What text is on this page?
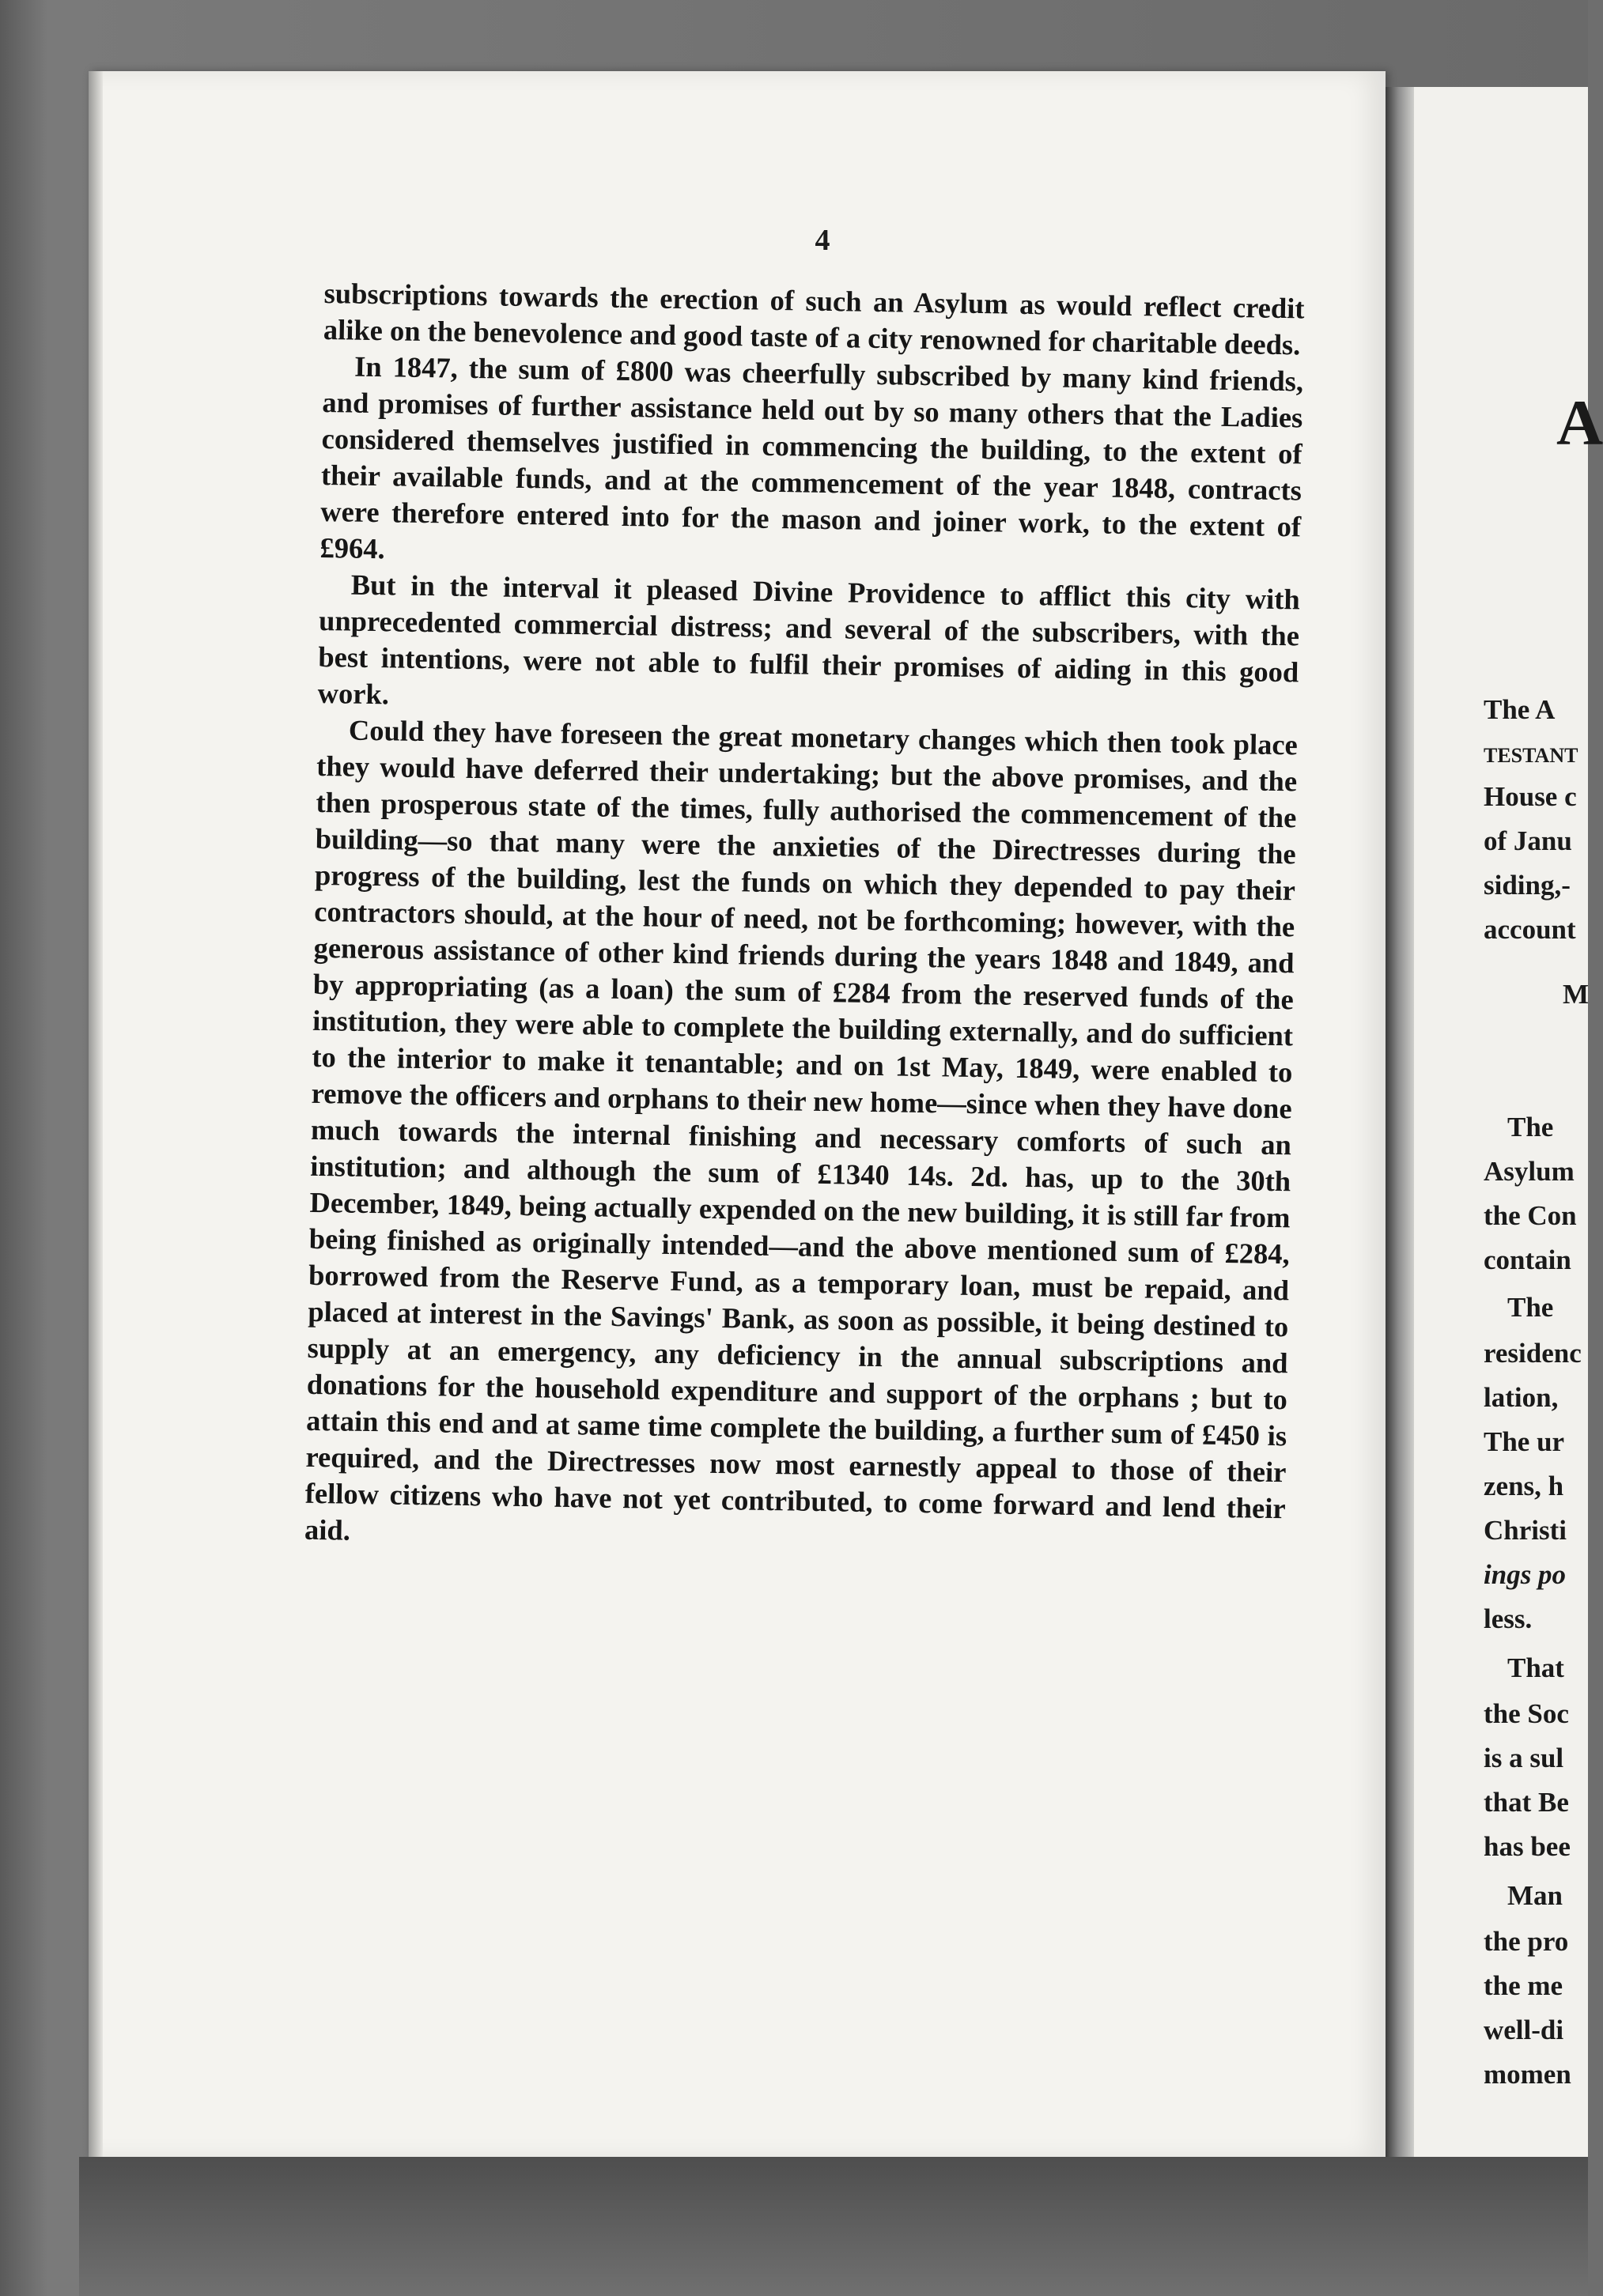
4

subscriptions towards the erection of such an Asylum as would reflect credit alike on the benevolence and good taste of a city renowned for charitable deeds.

In 1847, the sum of £800 was cheerfully subscribed by many kind friends, and promises of further assistance held out by so many others that the Ladies considered themselves justified in commencing the building, to the extent of their available funds, and at the commencement of the year 1848, contracts were therefore entered into for the mason and joiner work, to the extent of £964.

But in the interval it pleased Divine Providence to afflict this city with unprecedented commercial distress; and several of the subscribers, with the best intentions, were not able to fulfil their promises of aiding in this good work.

Could they have foreseen the great monetary changes which then took place they would have deferred their undertaking; but the above promises, and the then prosperous state of the times, fully authorised the commencement of the building—so that many were the anxieties of the Directresses during the progress of the building, lest the funds on which they depended to pay their contractors should, at the hour of need, not be forthcoming; however, with the generous assistance of other kind friends during the years 1848 and 1849, and by appropriating (as a loan) the sum of £284 from the reserved funds of the institution, they were able to complete the building externally, and do sufficient to the interior to make it tenantable; and on 1st May, 1849, were enabled to remove the officers and orphans to their new home—since when they have done much towards the internal finishing and necessary comforts of such an institution; and although the sum of £1340 14s. 2d. has, up to the 30th December, 1849, being actually expended on the new building, it is still far from being finished as originally intended—and the above mentioned sum of £284, borrowed from the Reserve Fund, as a temporary loan, must be repaid, and placed at interest in the Savings' Bank, as soon as possible, it being destined to supply at an emergency, any deficiency in the annual subscriptions and donations for the household expenditure and support of the orphans ; but to attain this end and at same time complete the building, a further sum of £450 is required, and the Directresses now most earnestly appeal to those of their fellow citizens who have not yet contributed, to come forward and lend their aid.

A
The A
TESTANT
House c
of Janu
siding,-
account
M
The
Asylum
the Con
contain
The
residenc
lation,
The ur
zens, h
Christi
ings po
less.
That
the Soc
is a sul
that Be
has bee
Man
the pro
the me
well-di
momen
